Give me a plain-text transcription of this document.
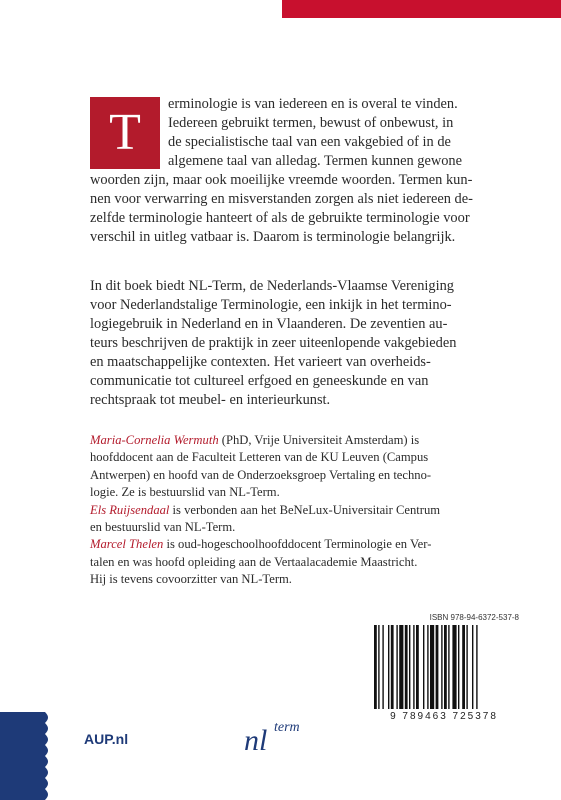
T	erminologie is van iedereen en is overal te vinden.
Iedereen gebruikt termen, bewust of onbewust, in
de specialistische taal van een vakgebied of in de
algemene taal van alledag. Termen kunnen gewone
woorden zijn, maar ook moeilijke vreemde woorden. Termen kun-
nen voor verwarring en misverstanden zorgen als niet iedereen de-
zelfde terminologie hanteert of als de gebruikte terminologie voor
verschil in uitleg vatbaar is. Daarom is terminologie belangrijk.
In dit boek biedt NL-Term, de Nederlands-Vlaamse Vereniging
voor Nederlandstalige Terminologie, een inkijk in het termino-
logiegebruik in Nederland en in Vlaanderen. De zeventien au-
teurs beschrijven de praktijk in zeer uiteenlopende vakgebieden
en maatschappelijke contexten. Het varieert van overheids-
communicatie tot cultureel erfgoed en geneeskunde en van
rechtspraak tot meubel- en interieurkunst.
Maria-Cornelia Wermuth (PhD, Vrije Universiteit Amsterdam) is
hoofddocent aan de Faculteit Letteren van de KU Leuven (Campus
Antwerpen) en hoofd van de Onderzoeksgroep Vertaling en techno-
logie. Ze is bestuurslid van NL-Term.
Els Ruijsendaal is verbonden aan het BeNeLux-Universitair Centrum
en bestuurslid van NL-Term.
Marcel Thelen is oud-hogeschoolhoofddocent Terminologie en Ver-
talen en was hoofd opleiding aan de Vertaalacademie Maastricht.
Hij is tevens covoorzitter van NL-Term.
ISBN 978-94-6372-537-8
9 789463 725378
AUP.nl	nl term
